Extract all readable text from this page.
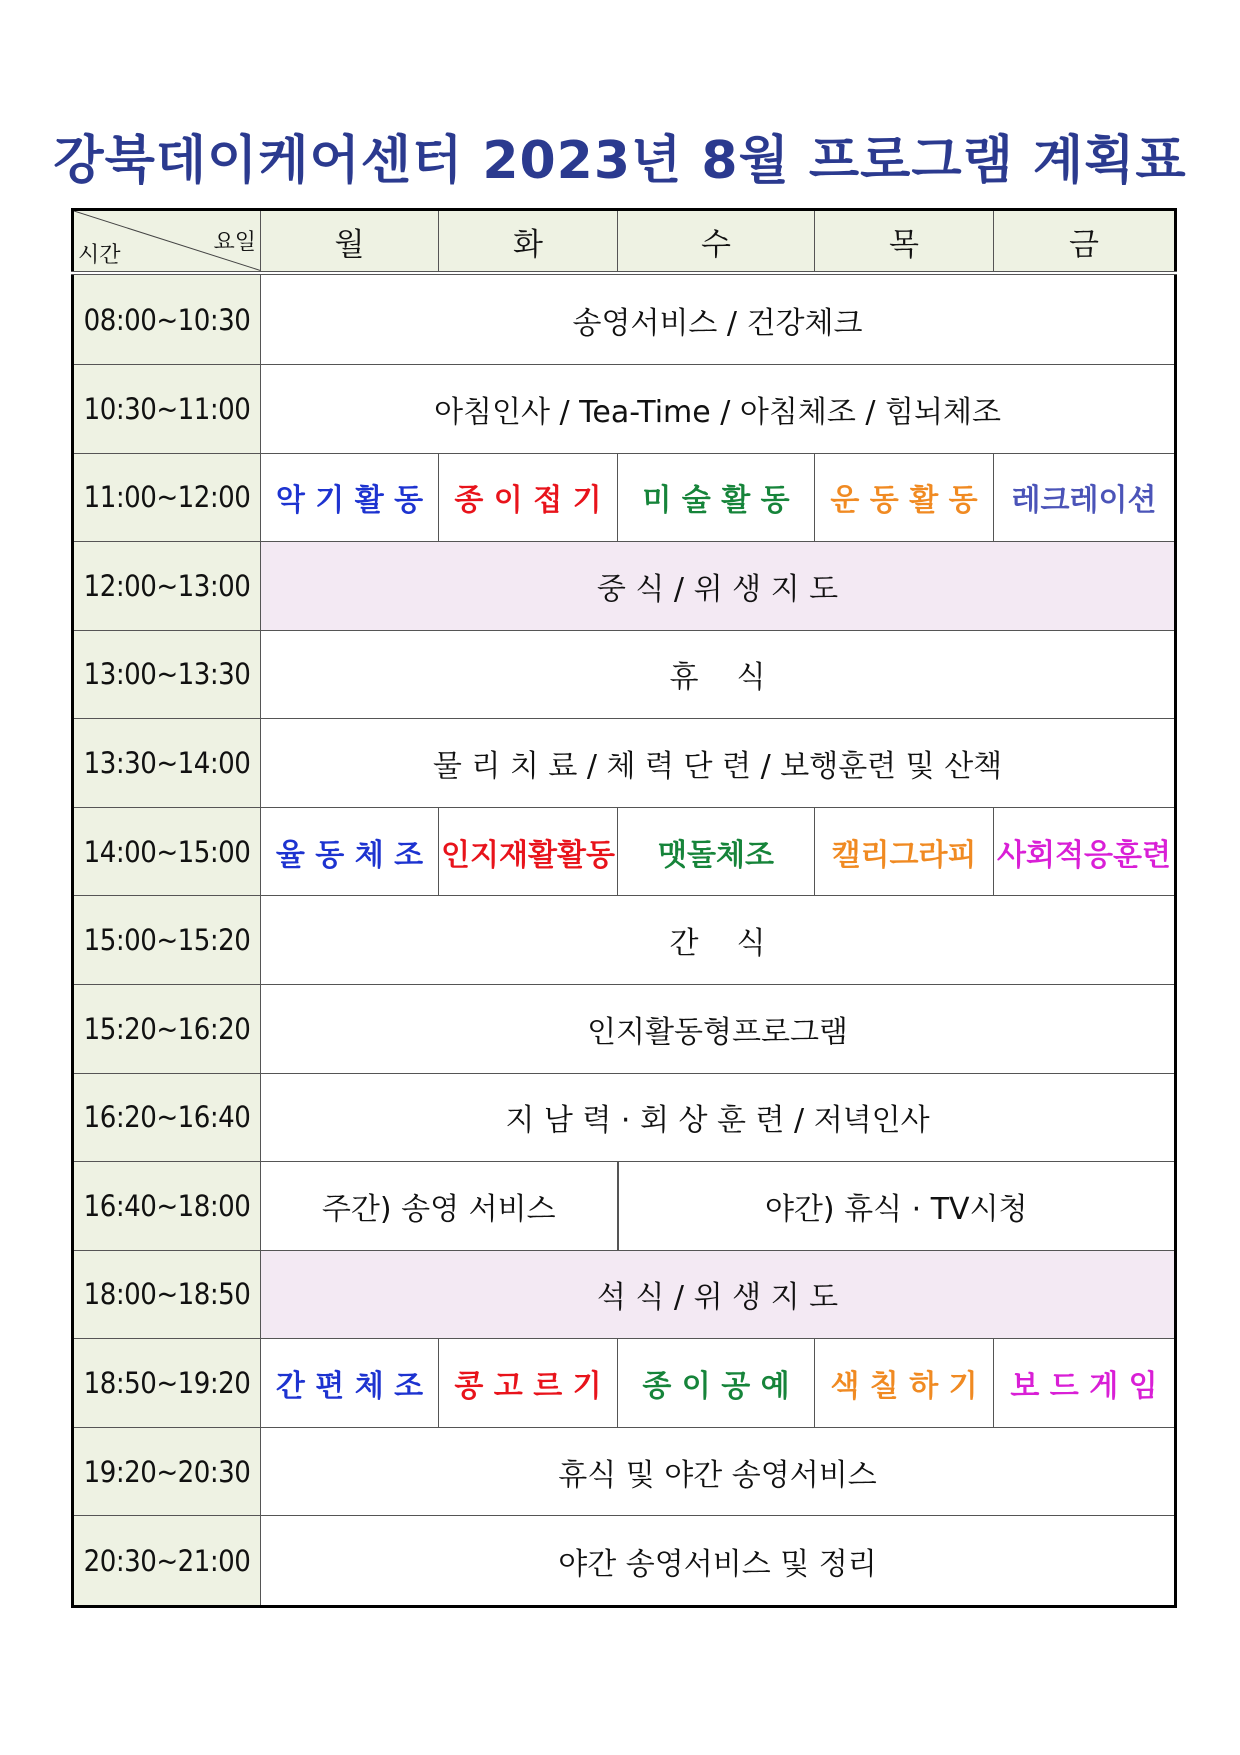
강북데이케어센터 2023년 8월 프로그램 계획표
요일
시간	월	화	수	목	금
08:00~10:30	송영서비스 / 건강체크				
10:30~11:00	아침인사 / Tea-Time / 아침체조 / 힘뇌체조				
11:00~12:00	악 기 활 동	종 이 접 기	미 술 활 동	운 동 활 동	레크레이션
12:00~13:00	중 식 / 위 생 지 도				
13:00~13:30	휴    식				
13:30~14:00	물 리 치 료 / 체 력 단 련 / 보행훈련 및 산책				
14:00~15:00	율 동 체 조	인지재활활동	맷돌체조	캘리그라피	사회적응훈련
15:00~15:20	간    식				
15:20~16:20	인지활동형프로그램				
16:20~16:40	지 남 력 · 회 상 훈 련 / 저녁인사				
16:40~18:00	주간) 송영 서비스		야간) 휴식 · TV시청		
18:00~18:50	석 식 / 위 생 지 도				
18:50~19:20	간 편 체 조	콩 고 르 기	종 이 공 예	색 칠 하 기	보 드 게 임
19:20~20:30	휴식 및 야간 송영서비스				
20:30~21:00	야간 송영서비스 및 정리				
